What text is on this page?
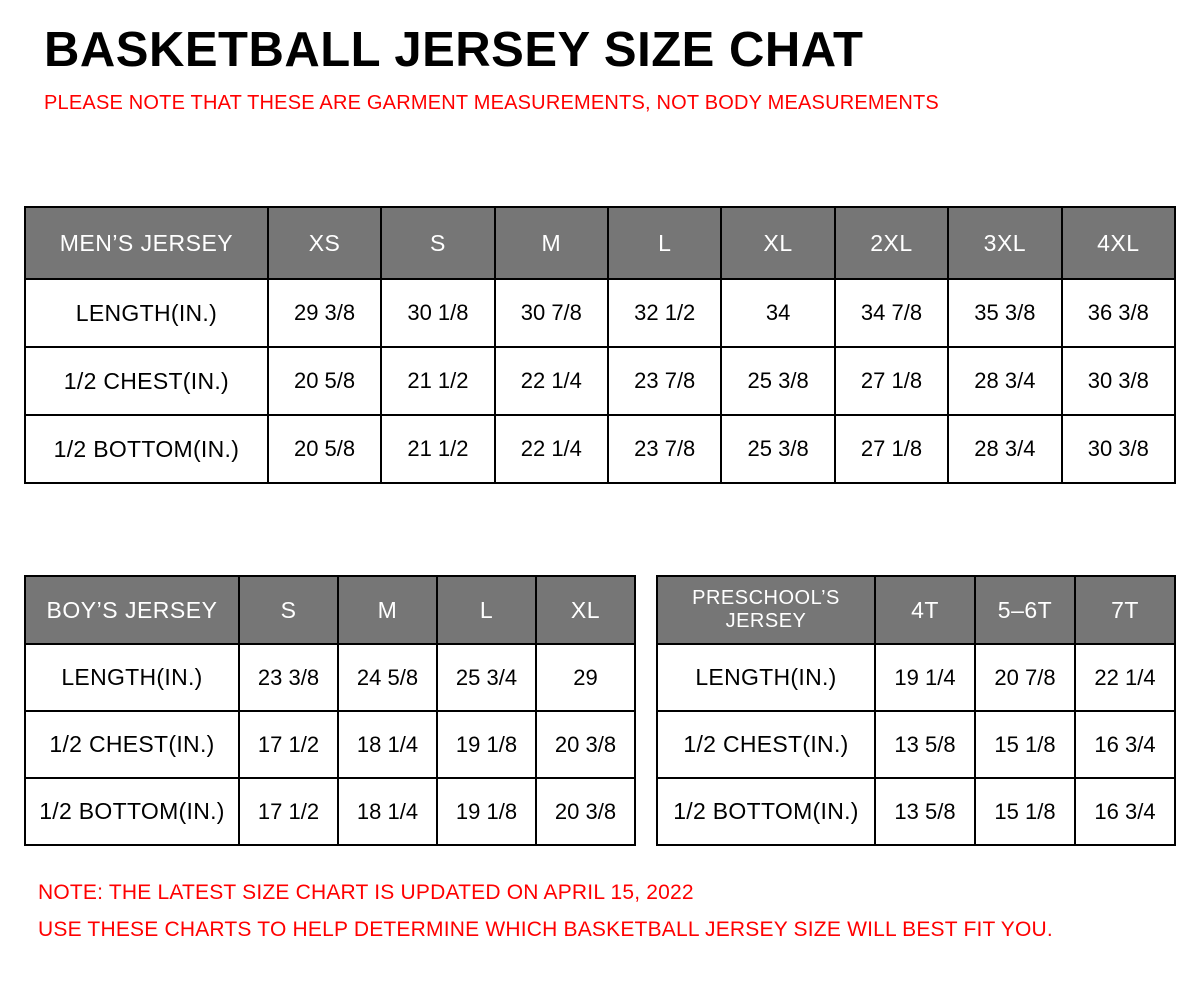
BASKETBALL JERSEY SIZE CHAT
PLEASE NOTE THAT THESE ARE GARMENT MEASUREMENTS, NOT BODY MEASUREMENTS
MEN’S JERSEY	XS	S	M	L	XL	2XL	3XL	4XL
LENGTH(IN.)	29 3/8	30 1/8	30 7/8	32 1/2	34	34 7/8	35 3/8	36 3/8
1/2 CHEST(IN.)	20 5/8	21 1/2	22 1/4	23 7/8	25 3/8	27 1/8	28 3/4	30 3/8
1/2 BOTTOM(IN.)	20 5/8	21 1/2	22 1/4	23 7/8	25 3/8	27 1/8	28 3/4	30 3/8
BOY’S JERSEY	S	M	L	XL
LENGTH(IN.)	23 3/8	24 5/8	25 3/4	29
1/2 CHEST(IN.)	17 1/2	18 1/4	19 1/8	20 3/8
1/2 BOTTOM(IN.)	17 1/2	18 1/4	19 1/8	20 3/8
PRESCHOOL’S JERSEY	4T	5–6T	7T
LENGTH(IN.)	19 1/4	20 7/8	22 1/4
1/2 CHEST(IN.)	13 5/8	15 1/8	16 3/4
1/2 BOTTOM(IN.)	13 5/8	15 1/8	16 3/4
NOTE: THE LATEST SIZE CHART IS UPDATED ON APRIL 15, 2022
USE THESE CHARTS TO HELP DETERMINE WHICH BASKETBALL JERSEY SIZE WILL BEST FIT YOU.
